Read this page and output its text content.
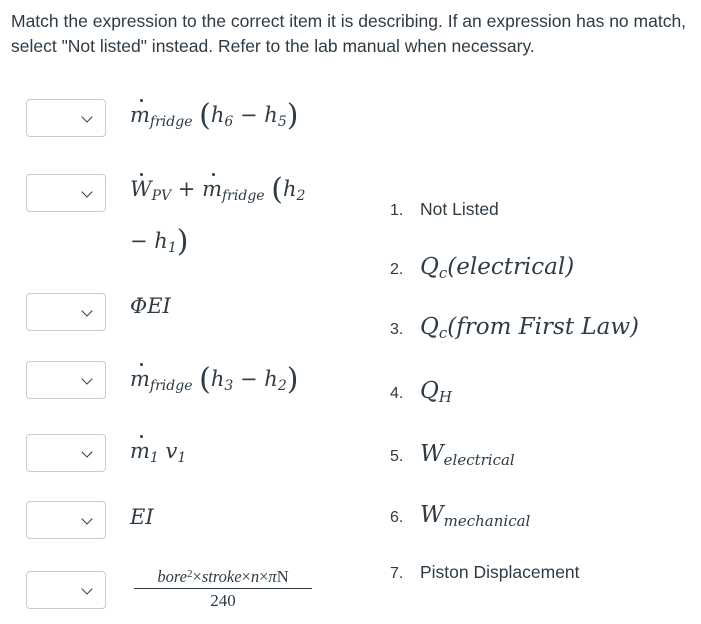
Match the expression to the correct item it is describing. If an expression has no match, select "Not listed" instead. Refer to the lab manual when necessary.
$m_{fridge}$ $(h_6 - h_5)$
$W_{PV} + m_{fridge}$ ($h_2$
− $h_1$)
ΦEI
$m_{fridge}$ $(h_3 - h_2)$
$m_1$ $v_1$
EI
bore$^2$×stroke×n×πN
240
1. Not Listed
2. $Q_c(electrical)$
3. $Q_c(from$ First Law)
4. $Q_H$
5. $W_{electrical}$
6. $W_{mechanical}$
7. Piston Displacement
